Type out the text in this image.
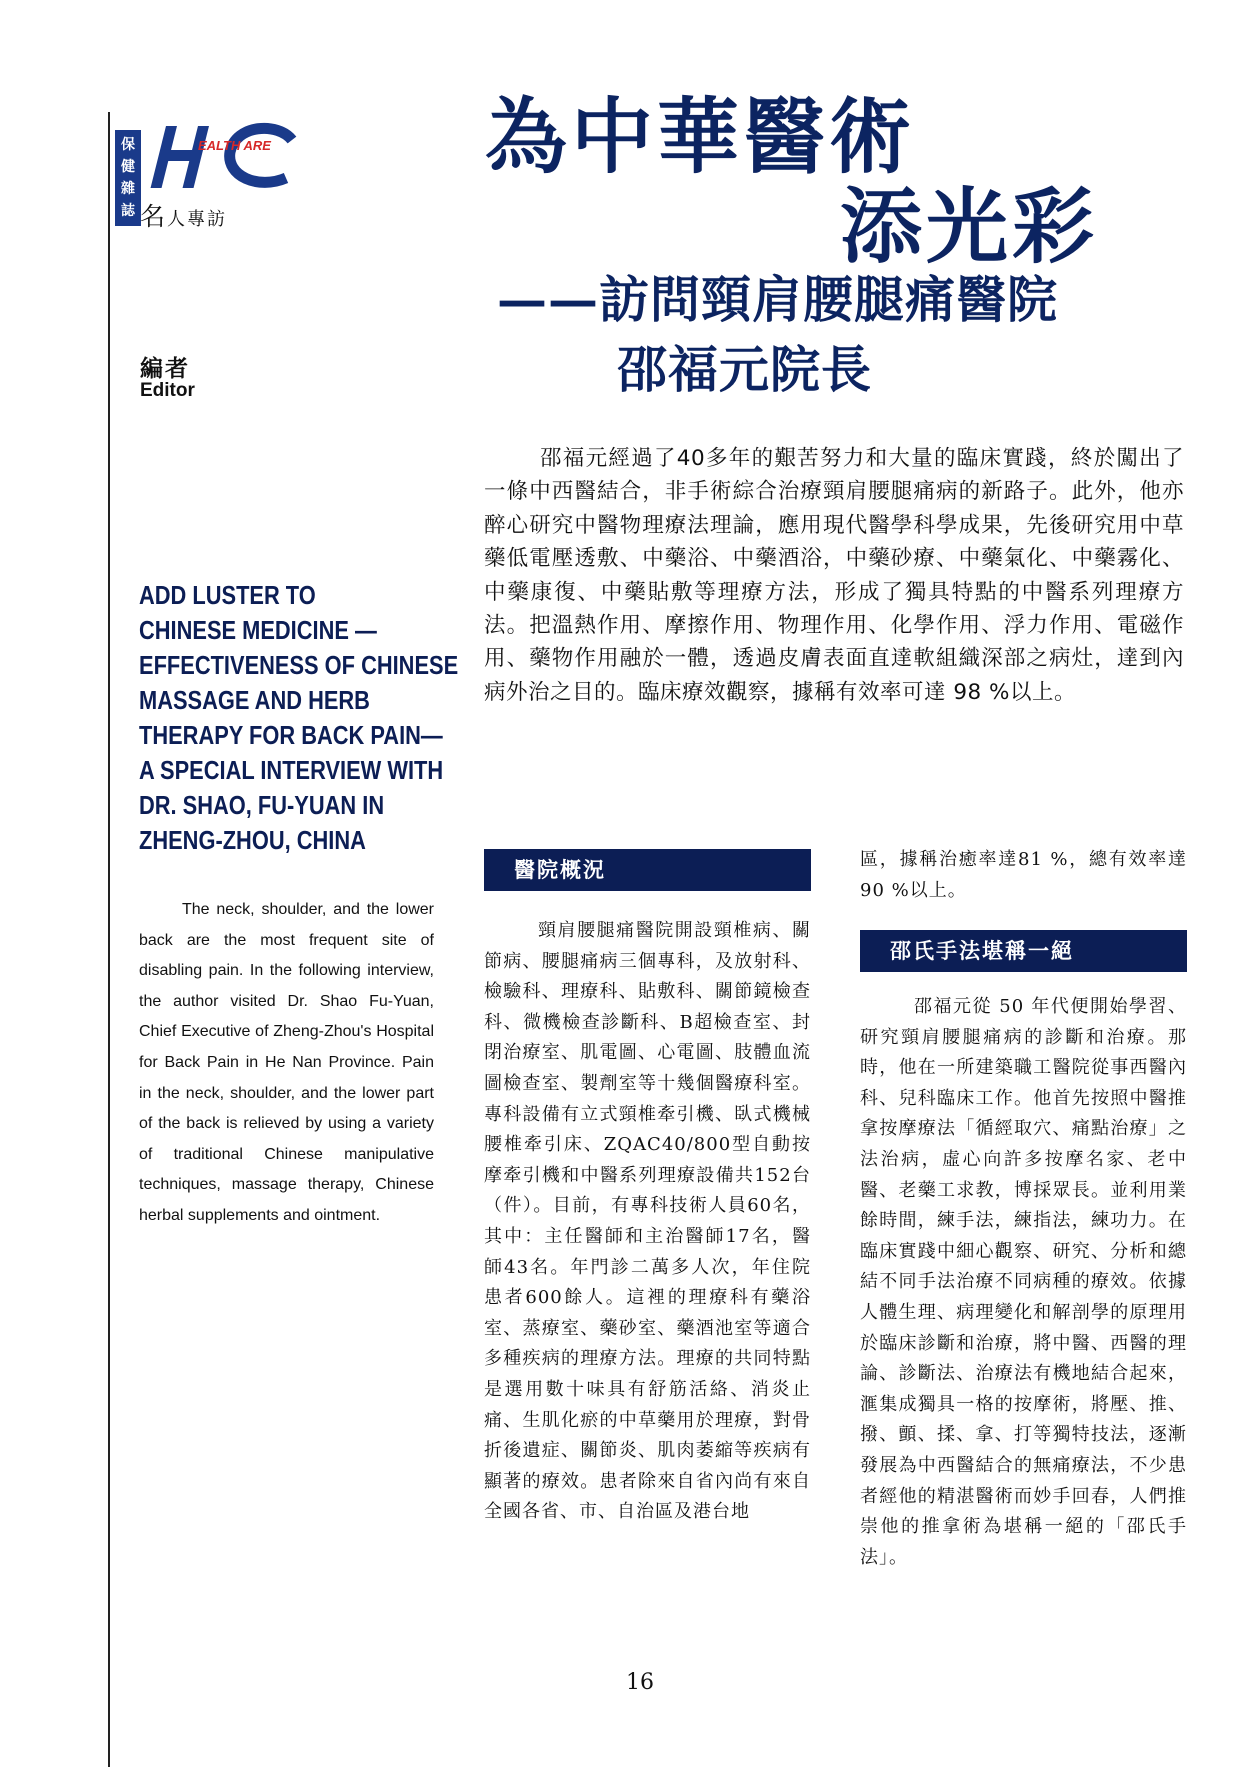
保健雜誌
EALTH ARE
名人專訪
編者
Editor
為中華醫術
添光彩
——訪問頸肩腰腿痛醫院
邵福元院長
ADD LUSTER TO
CHINESE MEDICINE —
EFFECTIVENESS OF CHINESE
MASSAGE AND HERB
THERAPY FOR BACK PAIN—
A SPECIAL INTERVIEW WITH
DR. SHAO, FU-YUAN IN
ZHENG-ZHOU, CHINA
The neck, shoulder, and the lower back are the most frequent site of disabling pain. In the following interview, the author visited Dr. Shao Fu-Yuan, Chief Executive of Zheng-Zhou's Hospital for Back Pain in He Nan Province. Pain in the neck, shoulder, and the lower part of the back is relieved by using a variety of traditional Chinese manipulative techniques, massage therapy, Chinese herbal supplements and ointment.
邵福元經過了40多年的艱苦努力和大量的臨床實踐，終於闖出了一條中西醫結合，非手術綜合治療頸肩腰腿痛病的新路子。此外，他亦醉心研究中醫物理療法理論，應用現代醫學科學成果，先後研究用中草藥低電壓透敷、中藥浴、中藥酒浴，中藥砂療、中藥氣化、中藥霧化、中藥康復、中藥貼敷等理療方法，形成了獨具特點的中醫系列理療方法。把溫熱作用、摩擦作用、物理作用、化學作用、浮力作用、電磁作用、藥物作用融於一體，透過皮膚表面直達軟組織深部之病灶，達到內病外治之目的。臨床療效觀察，據稱有效率可達 98 %以上。
醫院概況
頸肩腰腿痛醫院開設頸椎病、關節病、腰腿痛病三個專科，及放射科、檢驗科、理療科、貼敷科、關節鏡檢查科、微機檢查診斷科、B超檢查室、封閉治療室、肌電圖、心電圖、肢體血流圖檢查室、製劑室等十幾個醫療科室。專科設備有立式頸椎牽引機、臥式機械腰椎牽引床、ZQAC40/800型自動按摩牽引機和中醫系列理療設備共152台（件）。目前，有專科技術人員60名，其中：主任醫師和主治醫師17名，醫師43名。年門診二萬多人次，年住院患者600餘人。這裡的理療科有藥浴室、蒸療室、藥砂室、藥酒池室等適合多種疾病的理療方法。理療的共同特點是選用數十味具有舒筋活絡、消炎止痛、生肌化瘀的中草藥用於理療，對骨折後遺症、關節炎、肌肉萎縮等疾病有顯著的療效。患者除來自省內尚有來自全國各省、市、自治區及港台地
區，據稱治癒率達81 %，總有效率達 90 %以上。
邵氏手法堪稱一絕
邵福元從 50 年代便開始學習、研究頸肩腰腿痛病的診斷和治療。那時，他在一所建築職工醫院從事西醫內科、兒科臨床工作。他首先按照中醫推拿按摩療法「循經取穴、痛點治療」之法治病，虛心向許多按摩名家、老中醫、老藥工求教，博採眾長。並利用業餘時間，練手法，練指法，練功力。在臨床實踐中細心觀察、研究、分析和總結不同手法治療不同病種的療效。依據人體生理、病理變化和解剖學的原理用於臨床診斷和治療，將中醫、西醫的理論、診斷法、治療法有機地結合起來，滙集成獨具一格的按摩術，將壓、推、撥、顫、揉、拿、打等獨特技法，逐漸發展為中西醫結合的無痛療法，不少患者經他的精湛醫術而妙手回春，人們推崇他的推拿術為堪稱一絕的「邵氏手法」。
16
